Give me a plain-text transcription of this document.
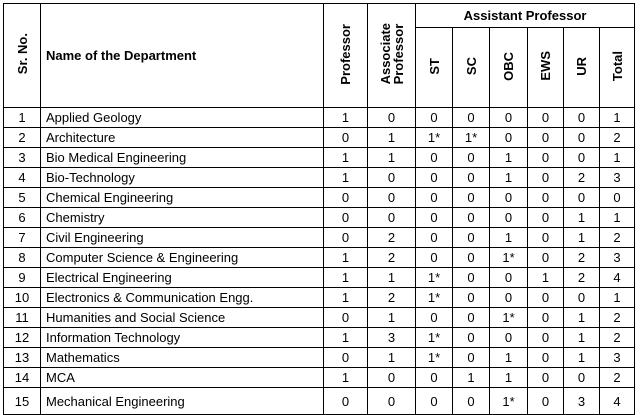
Sr. No.	Name of the Department	Professor	Associate
Professor	Assistant Professor					
				ST	SC	OBC	EWS	UR	Total
1	Applied Geology	1	0	0	0	0	0	0	1
2	Architecture	0	1	1*	1*	0	0	0	2
3	Bio Medical Engineering	1	1	0	0	1	0	0	1
4	Bio-Technology	1	0	0	0	1	0	2	3
5	Chemical Engineering	0	0	0	0	0	0	0	0
6	Chemistry	0	0	0	0	0	0	1	1
7	Civil Engineering	0	2	0	0	1	0	1	2
8	Computer Science & Engineering	1	2	0	0	1*	0	2	3
9	Electrical Engineering	1	1	1*	0	0	1	2	4
10	Electronics & Communication Engg.	1	2	1*	0	0	0	0	1
11	Humanities and Social Science	0	1	0	0	1*	0	1	2
12	Information Technology	1	3	1*	0	0	0	1	2
13	Mathematics	0	1	1*	0	1	0	1	3
14	MCA	1	0	0	1	1	0	0	2
15	Mechanical Engineering	0	0	0	0	1*	0	3	4
